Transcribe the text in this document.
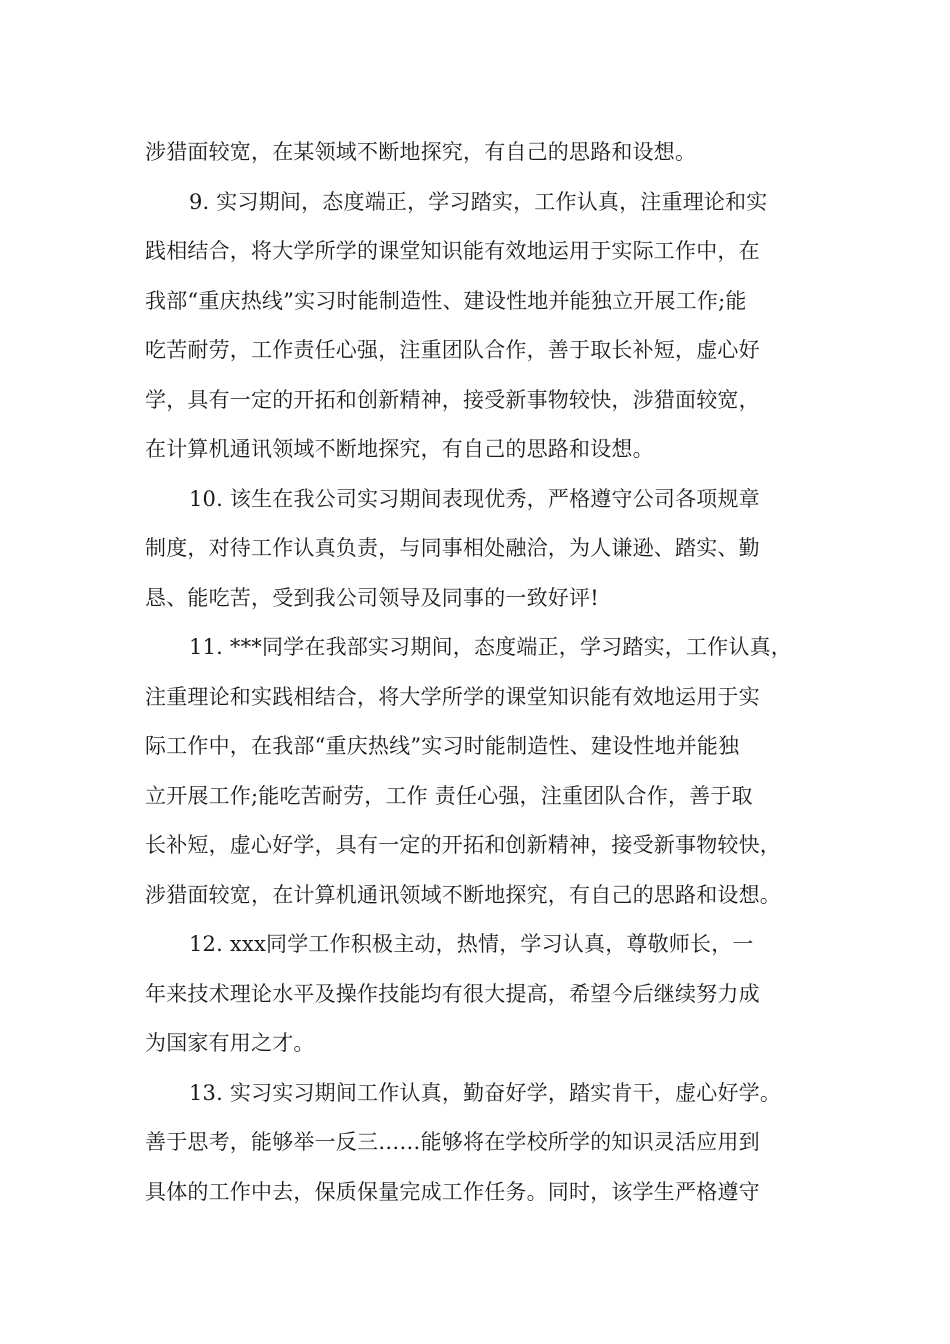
涉猎面较宽，在某领域不断地探究，有自己的思路和设想。
9. 实习期间，态度端正，学习踏实，工作认真，注重理论和实
践相结合，将大学所学的课堂知识能有效地运用于实际工作中，在
我部“重庆热线”实习时能制造性、建设性地并能独立开展工作;能
吃苦耐劳，工作责任心强，注重团队合作，善于取长补短，虚心好
学，具有一定的开拓和创新精神，接受新事物较快，涉猎面较宽，
在计算机通讯领域不断地探究，有自己的思路和设想。
10. 该生在我公司实习期间表现优秀，严格遵守公司各项规章
制度，对待工作认真负责，与同事相处融洽，为人谦逊、踏实、勤
恳、能吃苦，受到我公司领导及同事的一致好评!
11. ***同学在我部实习期间，态度端正，学习踏实，工作认真，
注重理论和实践相结合，将大学所学的课堂知识能有效地运用于实
际工作中，在我部“重庆热线”实习时能制造性、建设性地并能独
立开展工作;能吃苦耐劳，工作 责任心强，注重团队合作，善于取
长补短，虚心好学，具有一定的开拓和创新精神，接受新事物较快，
涉猎面较宽，在计算机通讯领域不断地探究，有自己的思路和设想。
12. xxx同学工作积极主动，热情，学习认真，尊敬师长，一
年来技术理论水平及操作技能均有很大提高，希望今后继续努力成
为国家有用之才。
13. 实习实习期间工作认真，勤奋好学，踏实肯干，虚心好学。
善于思考，能够举一反三……能够将在学校所学的知识灵活应用到
具体的工作中去，保质保量完成工作任务。同时，该学生严格遵守
